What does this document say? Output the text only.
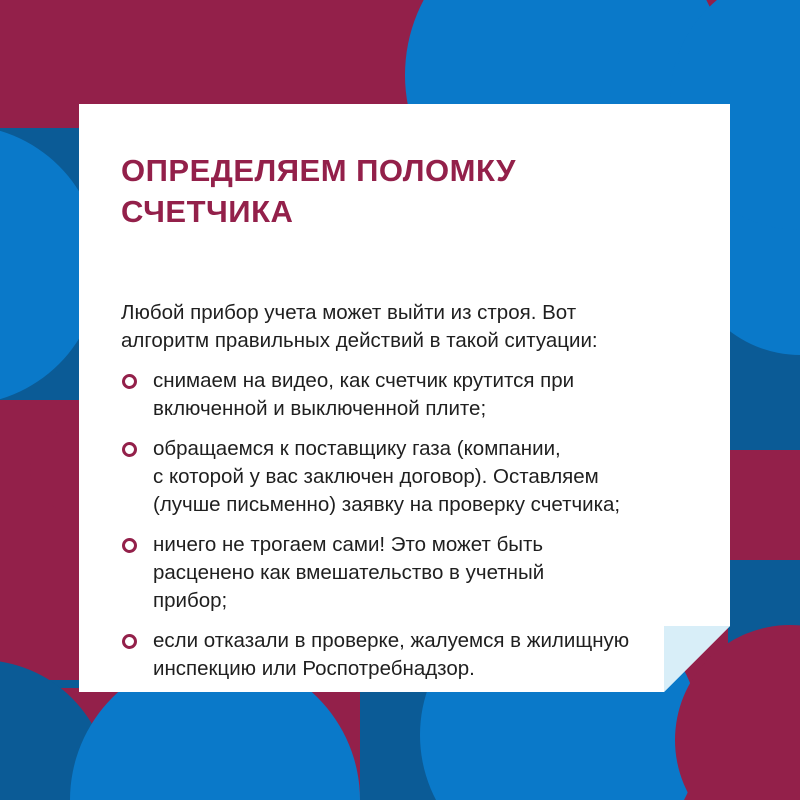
ОПРЕДЕЛЯЕМ ПОЛОМКУ
СЧЕТЧИКА
Любой прибор учета может выйти из строя. Вот
алгоритм правильных действий в такой ситуации:
снимаем на видео, как счетчик крутится при
включенной и выключенной плите;
обращаемся к поставщику газа (компании,
с которой у вас заключен договор). Оставляем
(лучше письменно) заявку на проверку счетчика;
ничего не трогаем сами! Это может быть
расценено как вмешательство в учетный
прибор;
если отказали в проверке, жалуемся в жилищную
инспекцию или Роспотребнадзор.
